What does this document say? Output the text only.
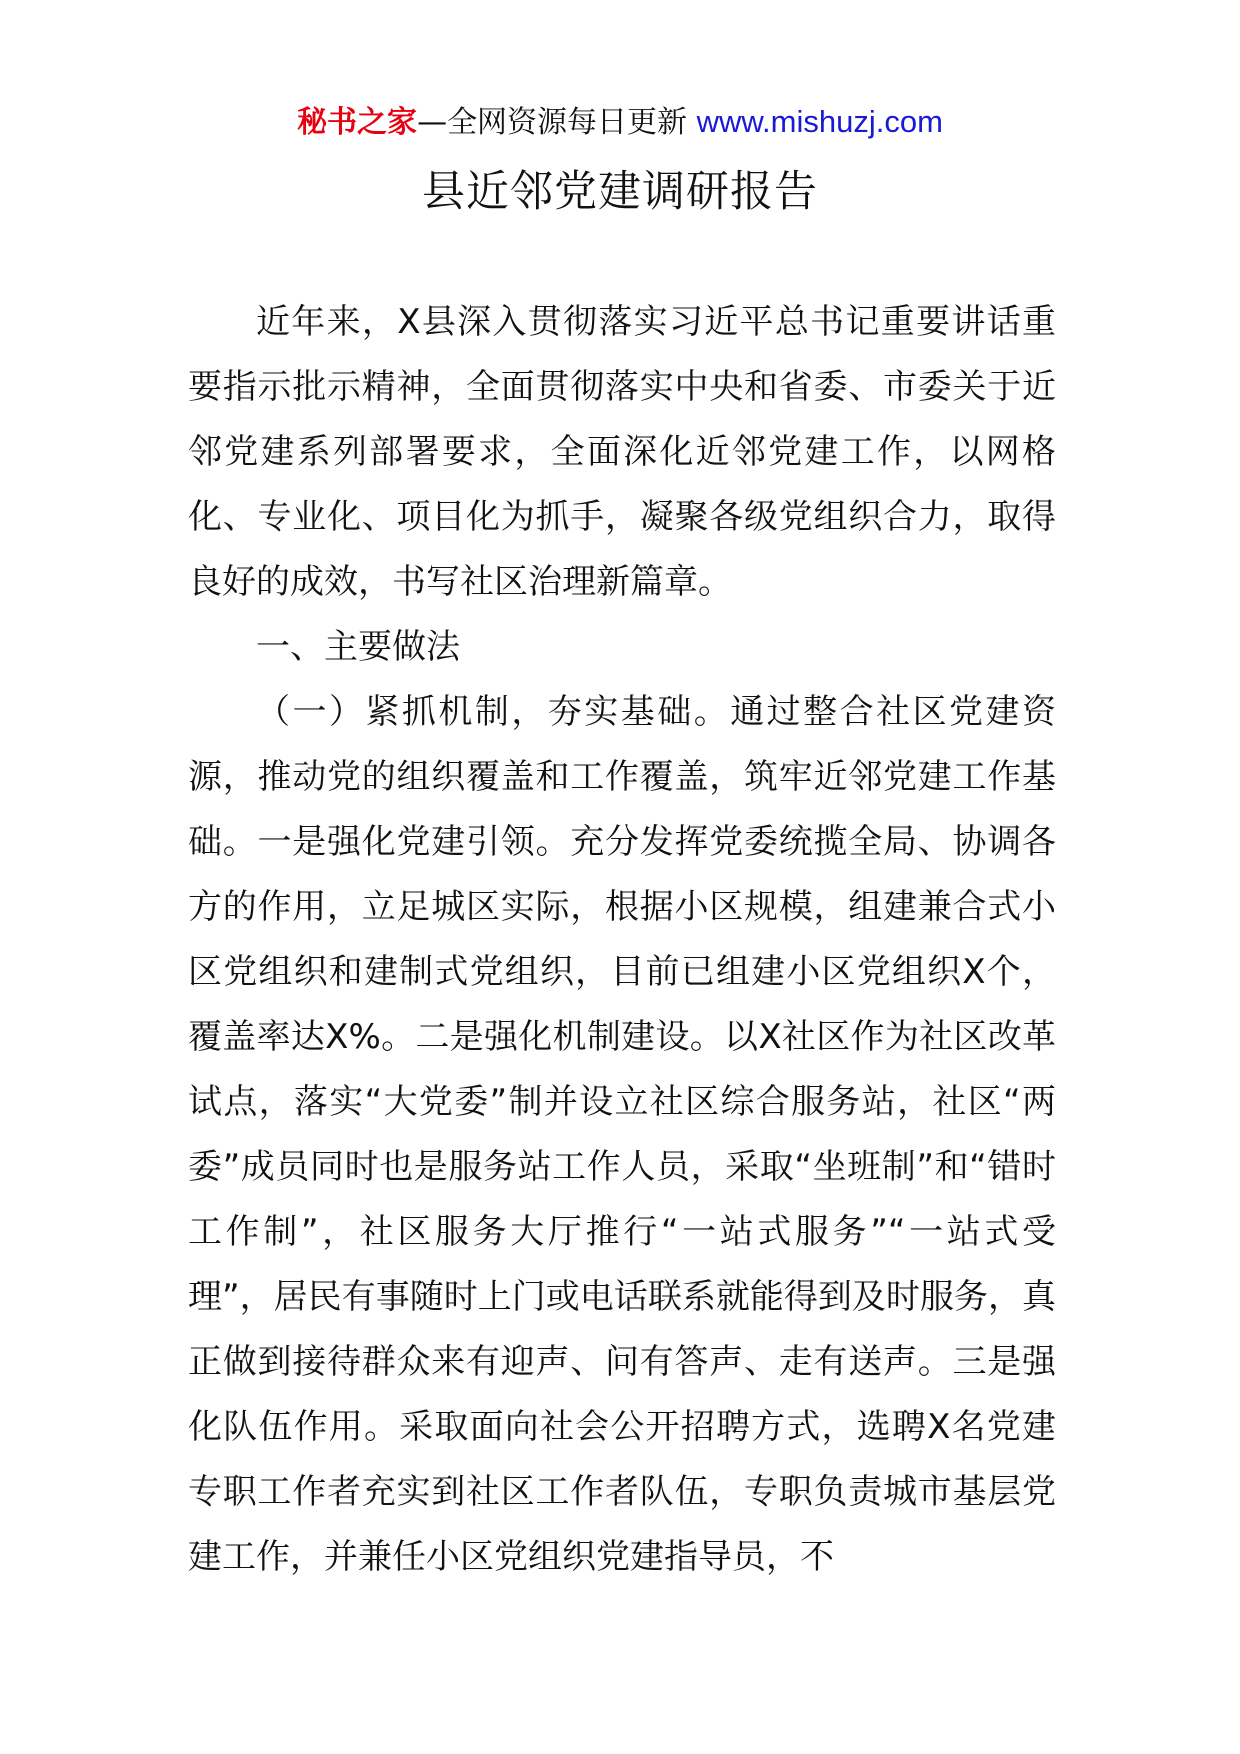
秘书之家—全网资源每日更新 www.mishuzj.com
县近邻党建调研报告

近年来，X县深入贯彻落实习近平总书记重要讲话重要指示批示精神，全面贯彻落实中央和省委、市委关于近邻党建系列部署要求，全面深化近邻党建工作，以网格化、专业化、项目化为抓手，凝聚各级党组织合力，取得良好的成效，书写社区治理新篇章。

一、主要做法

（一）紧抓机制，夯实基础。通过整合社区党建资源，推动党的组织覆盖和工作覆盖，筑牢近邻党建工作基础。一是强化党建引领。充分发挥党委统揽全局、协调各方的作用，立足城区实际，根据小区规模，组建兼合式小区党组织和建制式党组织，目前已组建小区党组织X个，覆盖率达X%。二是强化机制建设。以X社区作为社区改革试点，落实“大党委”制并设立社区综合服务站，社区“两委”成员同时也是服务站工作人员，采取“坐班制”和“错时工作制”，社区服务大厅推行“一站式服务”“一站式受理”，居民有事随时上门或电话联系就能得到及时服务，真正做到接待群众来有迎声、问有答声、走有送声。三是强化队伍作用。采取面向社会公开招聘方式，选聘X名党建专职工作者充实到社区工作者队伍，专职负责城市基层党建工作，并兼任小区党组织党建指导员，不
